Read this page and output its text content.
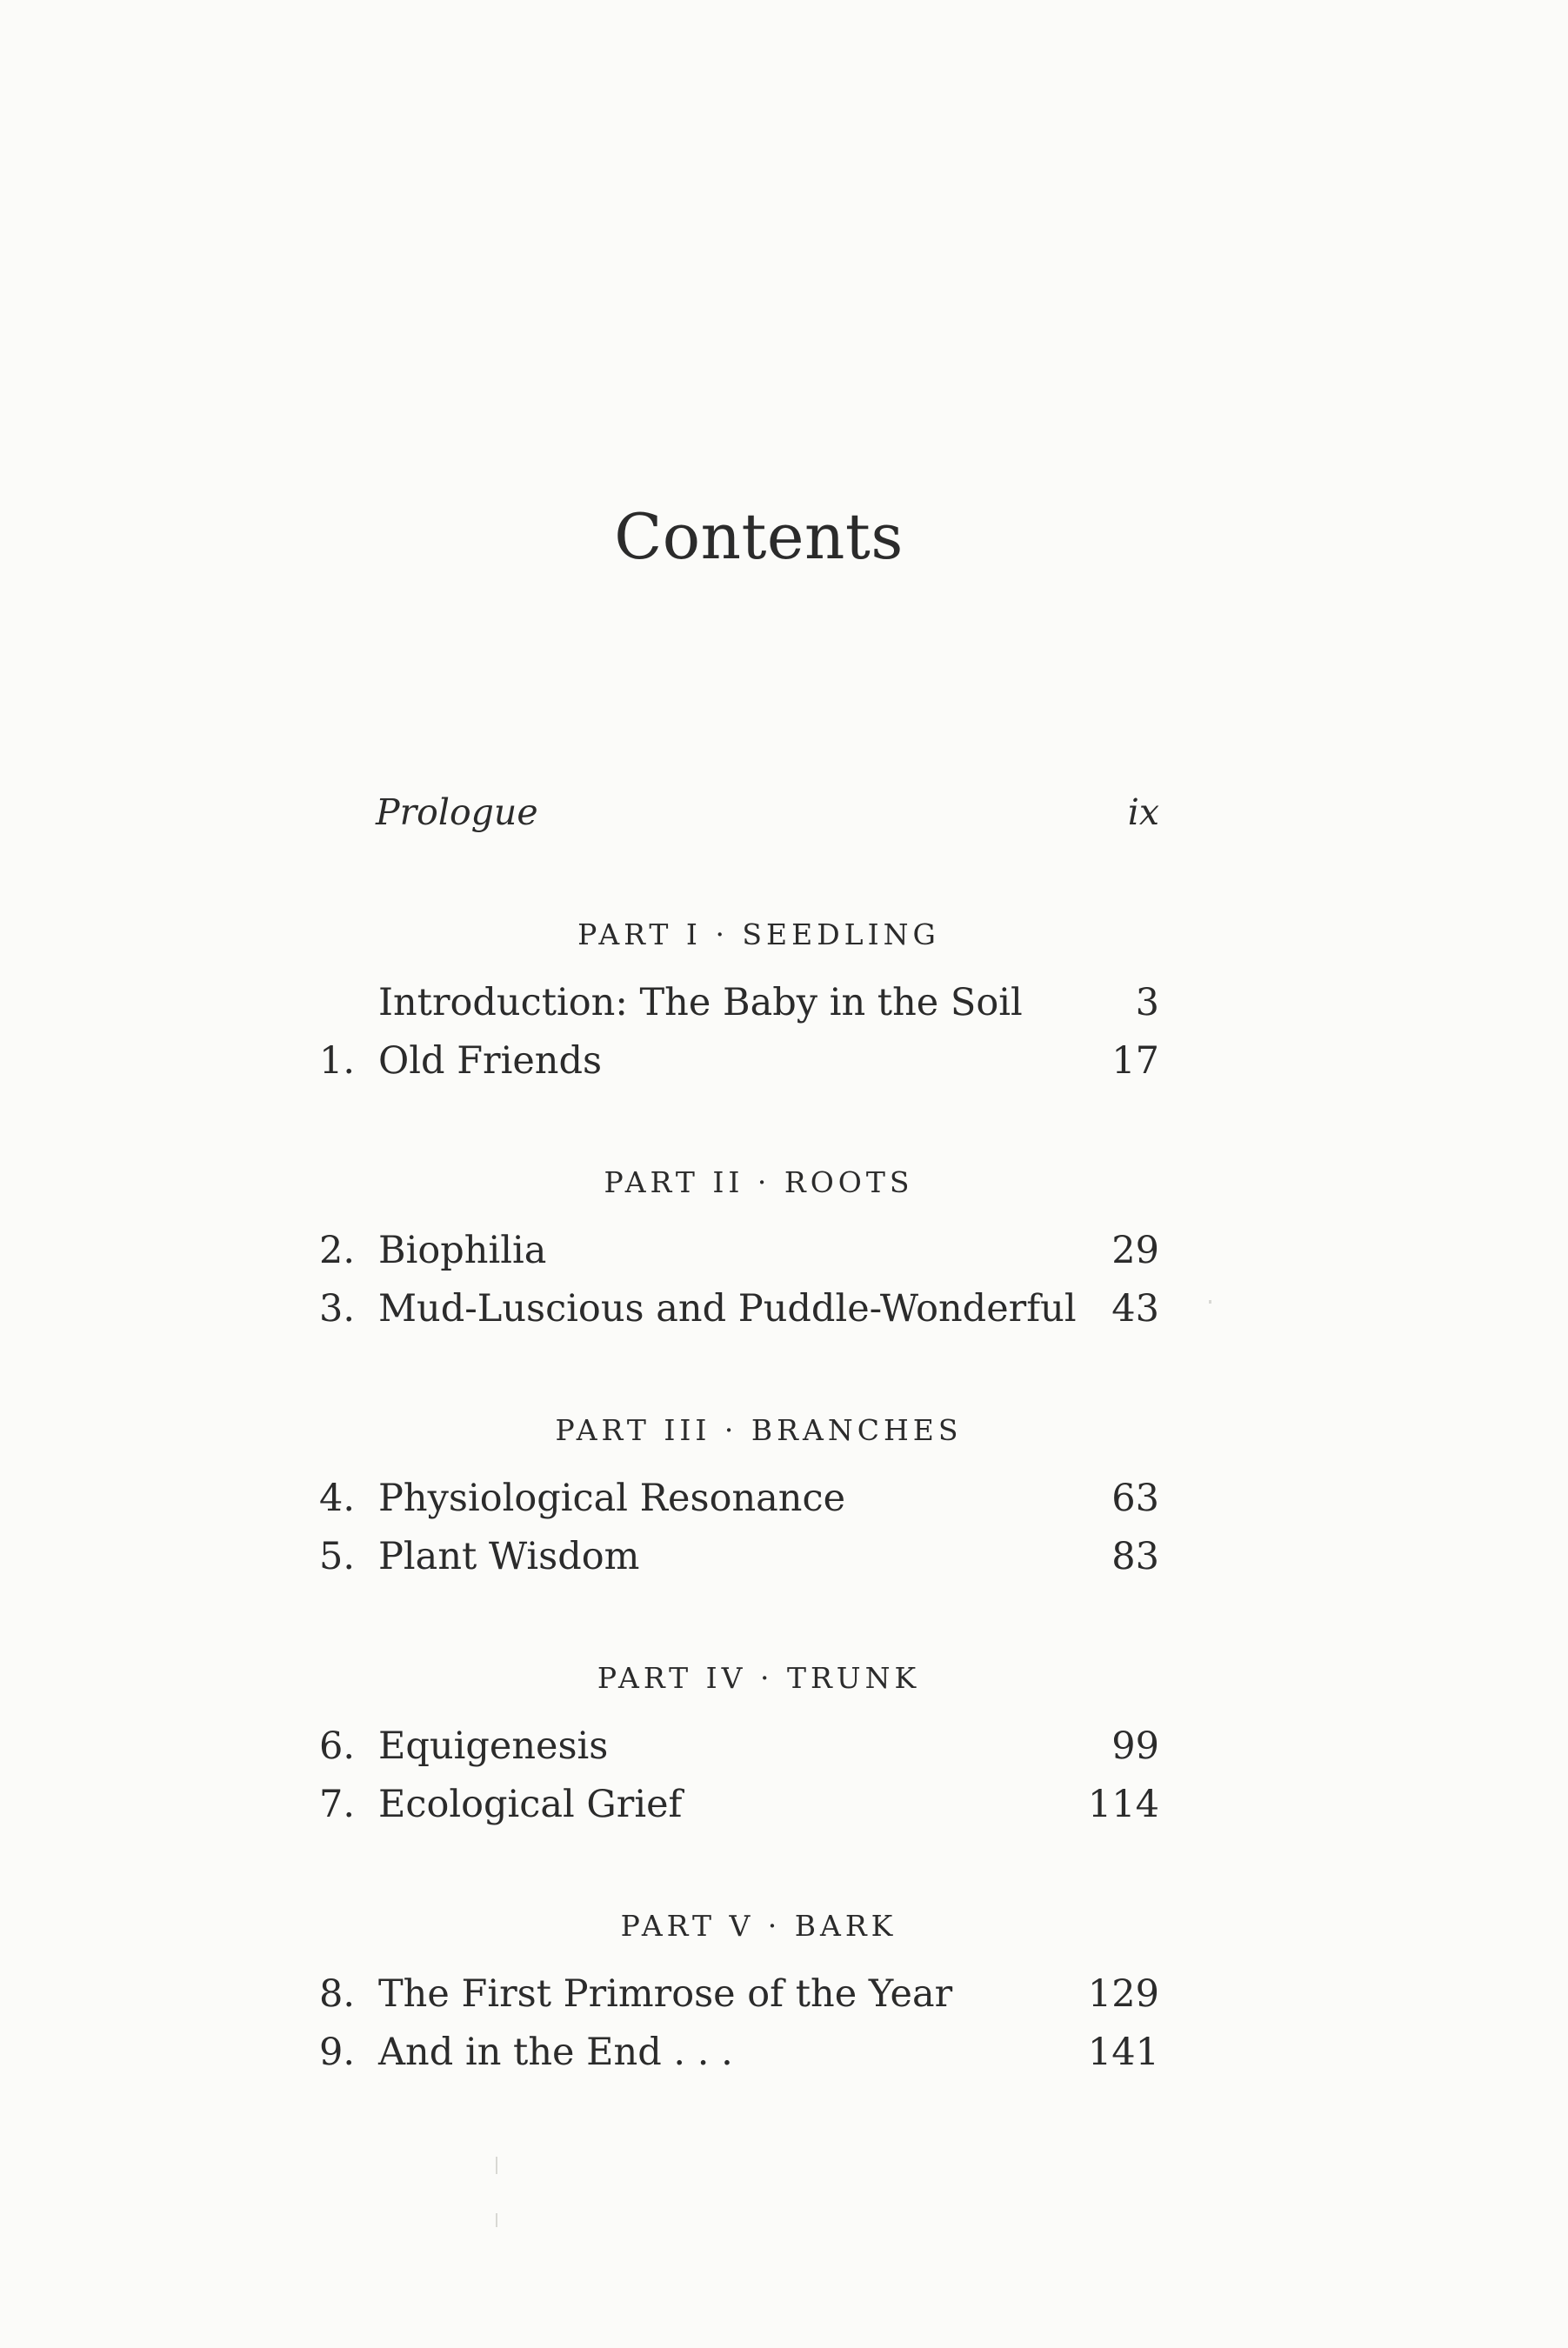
Contents
Prologue	ix
PART I · SEEDLING
Introduction: The Baby in the Soil	3
1. Old Friends	17
PART II · ROOTS
2. Biophilia	29
3. Mud-Luscious and Puddle-Wonderful 43
PART III · BRANCHES
4. Physiological Resonance	63
5. Plant Wisdom	83
PART IV · TRUNK
6. Equigenesis	99
7. Ecological Grief	114
PART V · BARK
8. The First Primrose of the Year	129
9. And in the End . . .	141
